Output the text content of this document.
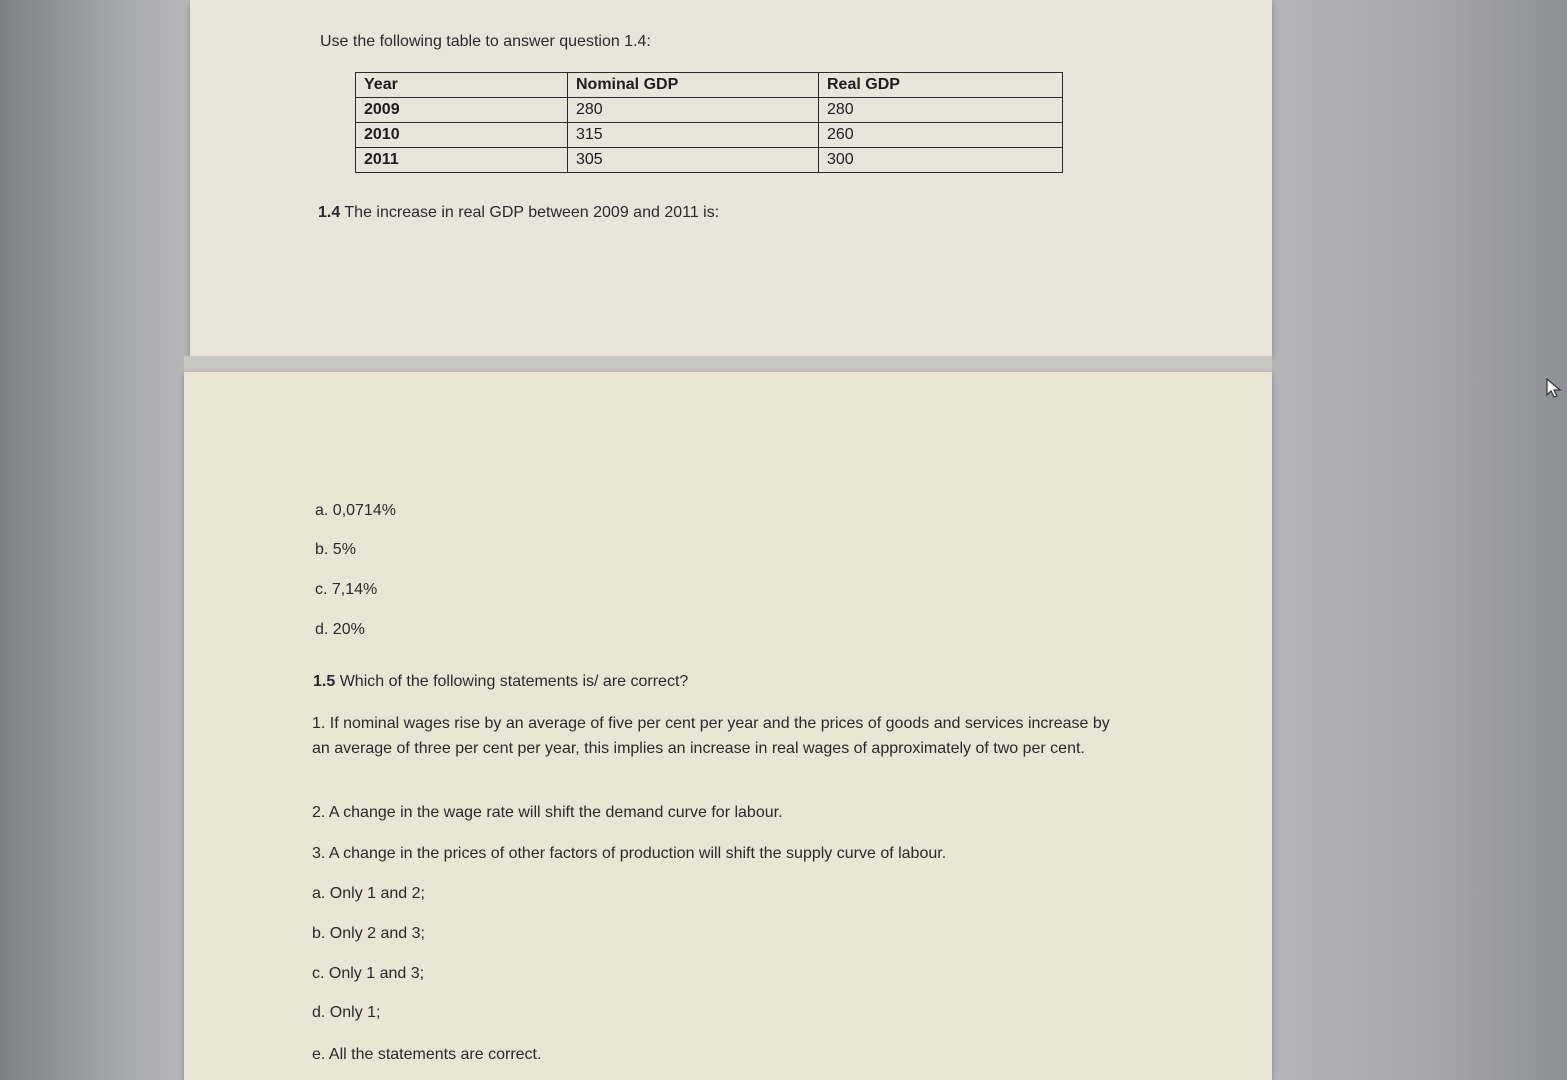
Use the following table to answer question 1.4:
Year	Nominal GDP	Real GDP
2009	280	280
2010	315	260
2011	305	300
1.4 The increase in real GDP between 2009 and 2011 is:
a. 0,0714%
b. 5%
c. 7,14%
d. 20%
1.5 Which of the following statements is/ are correct?
1. If nominal wages rise by an average of five per cent per year and the prices of goods and services increase by an average of three per cent per year, this implies an increase in real wages of approximately of two per cent.
2. A change in the wage rate will shift the demand curve for labour.
3. A change in the prices of other factors of production will shift the supply curve of labour.
a. Only 1 and 2;
b. Only 2 and 3;
c. Only 1 and 3;
d. Only 1;
e. All the statements are correct.
